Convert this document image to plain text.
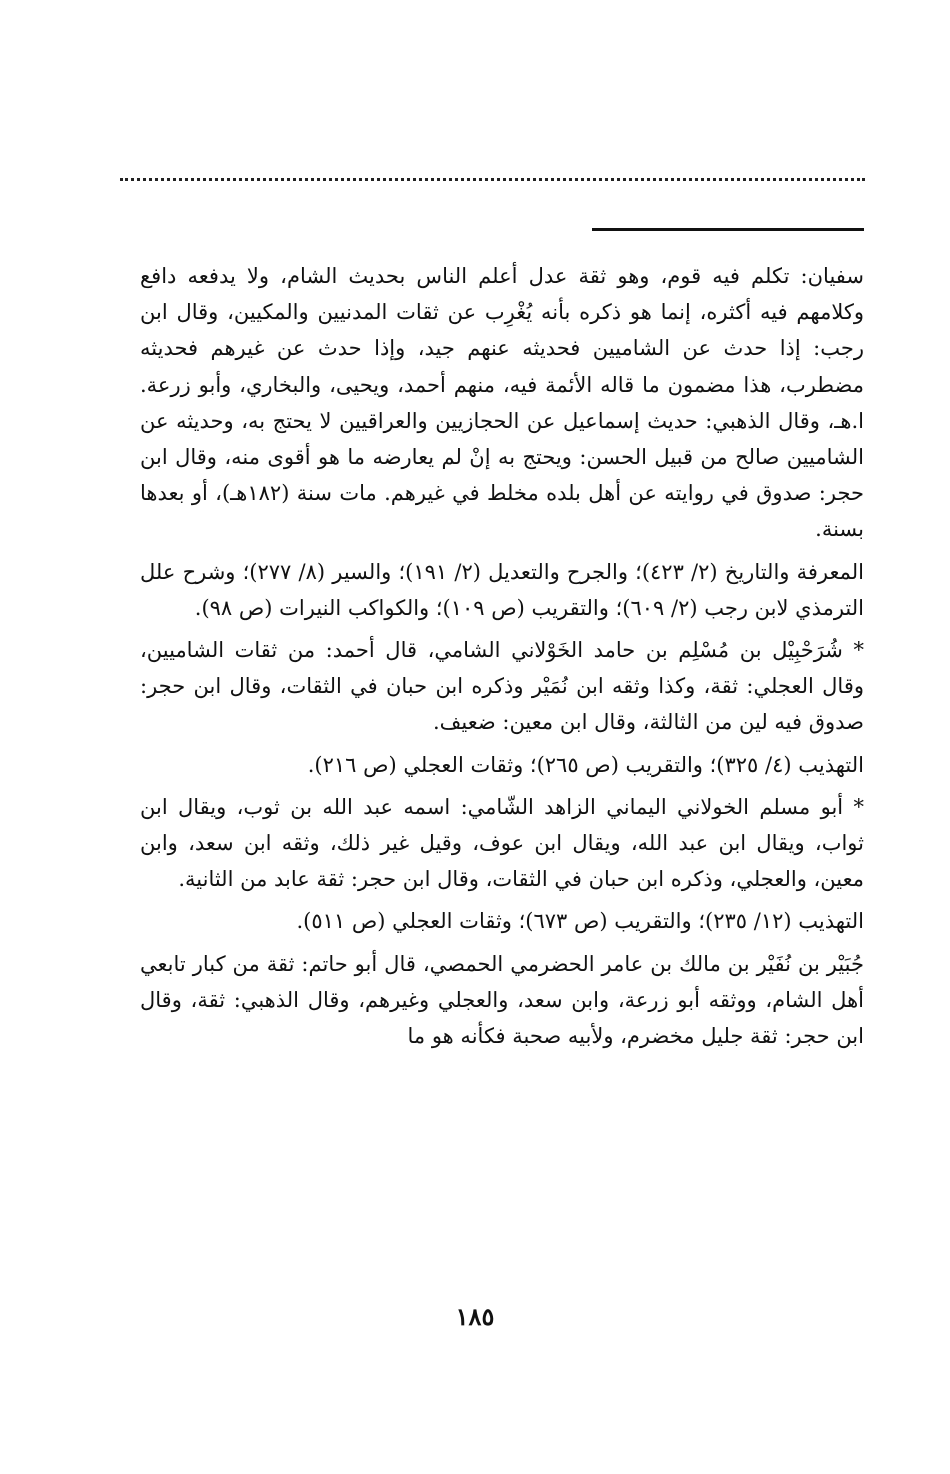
سفيان: تكلم فيه قوم، وهو ثقة عدل أعلم الناس بحديث الشام، ولا يدفعه دافع وكلامهم فيه أكثره، إنما هو ذكره بأنه يُغْرِب عن ثقات المدنيين والمكيين، وقال ابن رجب: إذا حدث عن الشاميين فحديثه عنهم جيد، وإذا حدث عن غيرهم فحديثه مضطرب، هذا مضمون ما قاله الأئمة فيه، منهم أحمد، ويحيى، والبخاري، وأبو زرعة. ا.هـ، وقال الذهبي: حديث إسماعيل عن الحجازيين والعراقيين لا يحتج به، وحديثه عن الشاميين صالح من قبيل الحسن: ويحتج به إنْ لم يعارضه ما هو أقوى منه، وقال ابن حجر: صدوق في روايته عن أهل بلده مخلط في غيرهم. مات سنة (١٨٢هـ)، أو بعدها بسنة.

المعرفة والتاريخ (٢/ ٤٢٣)؛ والجرح والتعديل (٢/ ١٩١)؛ والسير (٨/ ٢٧٧)؛ وشرح علل الترمذي لابن رجب (٢/ ٦٠٩)؛ والتقريب (ص ١٠٩)؛ والكواكب النيرات (ص ٩٨).

* شُرَحْبِيْل بن مُسْلِم بن حامد الخَوْلاني الشامي، قال أحمد: من ثقات الشاميين، وقال العجلي: ثقة، وكذا وثقه ابن نُمَيْر وذكره ابن حبان في الثقات، وقال ابن حجر: صدوق فيه لين من الثالثة، وقال ابن معين: ضعيف.

التهذيب (٤/ ٣٢٥)؛ والتقريب (ص ٢٦٥)؛ وثقات العجلي (ص ٢١٦).

* أبو مسلم الخولاني اليماني الزاهد الشّامي: اسمه عبد الله بن ثوب، ويقال ابن ثواب، ويقال ابن عبد الله، ويقال ابن عوف، وقيل غير ذلك، وثقه ابن سعد، وابن معين، والعجلي، وذكره ابن حبان في الثقات، وقال ابن حجر: ثقة عابد من الثانية.

التهذيب (١٢/ ٢٣٥)؛ والتقريب (ص ٦٧٣)؛ وثقات العجلي (ص ٥١١).

جُبَيْر بن نُفَيْر بن مالك بن عامر الحضرمي الحمصي، قال أبو حاتم: ثقة من كبار تابعي أهل الشام، ووثقه أبو زرعة، وابن سعد، والعجلي وغيرهم، وقال الذهبي: ثقة، وقال ابن حجر: ثقة جليل مخضرم، ولأبيه صحبة فكأنه هو ما

١٨٥
